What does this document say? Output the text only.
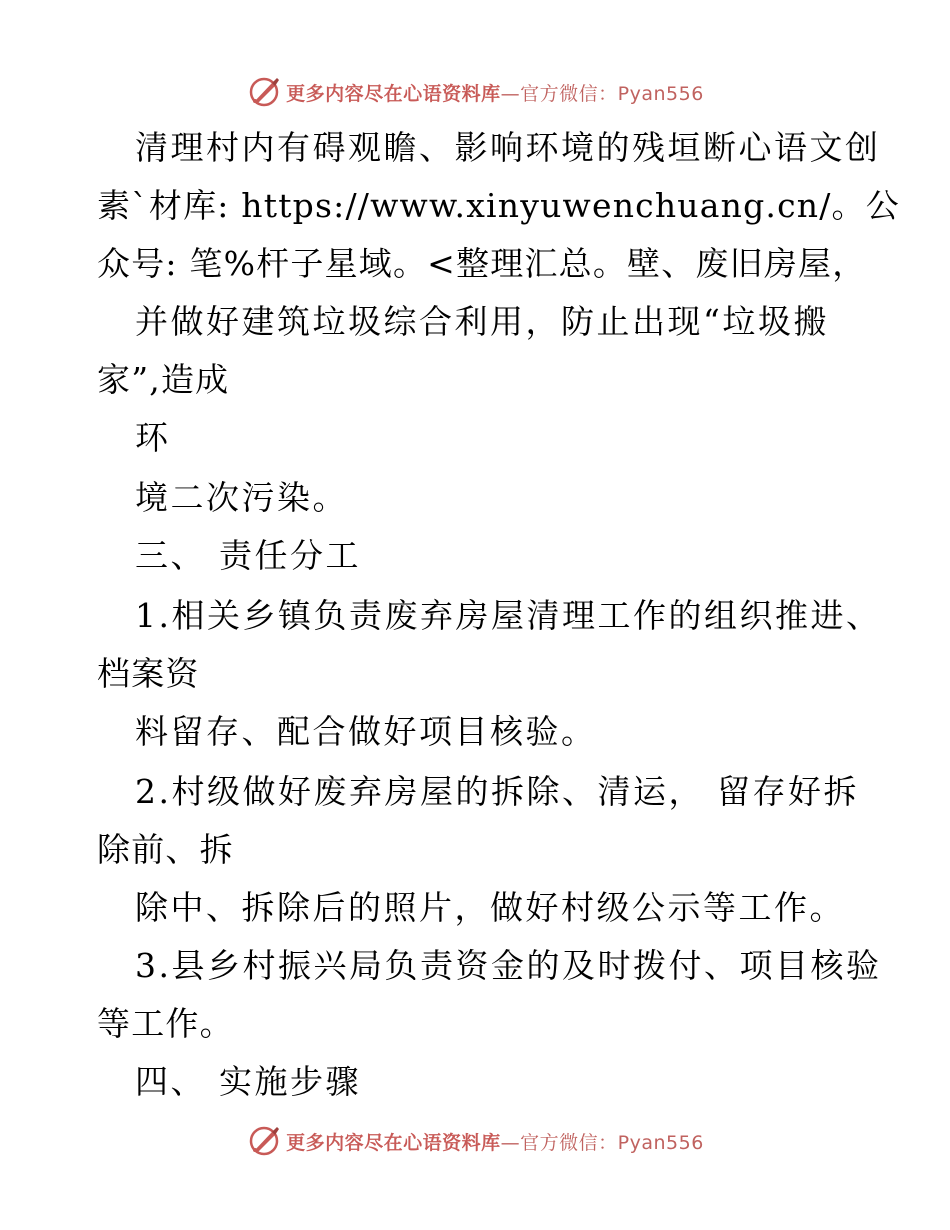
更多内容尽在心语资料库—官方微信：Pyan556
清理村内有碍观瞻、影响环境的残垣断心语文创
素`材库: https://www.xinyuwenchuang.cn/。公
众号: 笔%杆子星域。<整理汇总。壁、废旧房屋，
并做好建筑垃圾综合利用，防止出现“垃圾搬
家”,造成
环
境二次污染。
三、 责任分工
1.相关乡镇负责废弃房屋清理工作的组织推进、
档案资
料留存、配合做好项目核验。
2.村级做好废弃房屋的拆除、清运， 留存好拆
除前、拆
除中、拆除后的照片，做好村级公示等工作。
3.县乡村振兴局负责资金的及时拨付、项目核验
等工作。
四、 实施步骤
更多内容尽在心语资料库—官方微信：Pyan556
